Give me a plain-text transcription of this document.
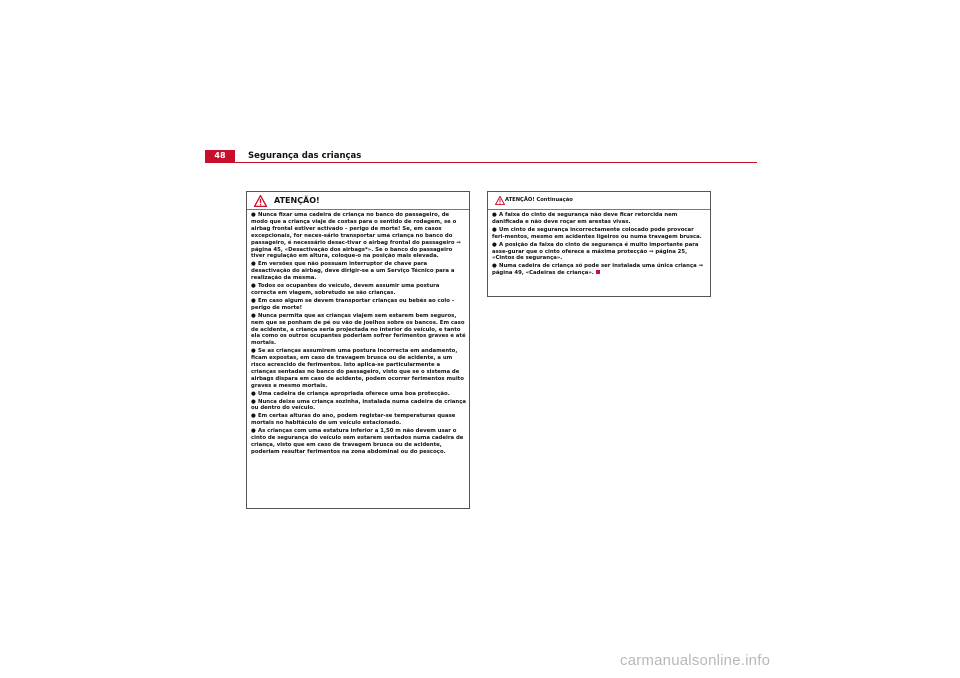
48	Segurança das crianças
ATENÇÃO!

● Nunca fixar uma cadeira de criança no banco do passageiro, de modo que a criança viaje de costas para o sentido de rodagem, se o airbag frontal estiver activado – perigo de morte! Se, em casos excepcionais, for neces-sário transportar uma criança no banco do passageiro, é necessário desac-tivar o airbag frontal do passageiro ⇒ página 45, «Desactivação dos airbags*». Se o banco do passageiro tiver regulação em altura, coloque-o na posição mais elevada.

● Em versões que não possuam interruptor de chave para desactivação do airbag, deve dirigir-se a um Serviço Técnico para a realização da mesma.

● Todos os ocupantes do veículo, devem assumir uma postura correcta em viagem, sobretudo se são crianças.

● Em caso algum se devem transportar crianças ou bebés ao colo – perigo de morte!

● Nunca permita que as crianças viajem sem estarem bem seguros, nem que se ponham de pé ou vão de joelhos sobre os bancos. Em caso de acidente, a criança seria projectada no interior do veículo, e tanto ela como os outros ocupantes poderiam sofrer ferimentos graves e até mortais.

● Se as crianças assumirem uma postura incorrecta em andamento, ficam expostas, em caso de travagem brusca ou de acidente, a um risco acrescido de ferimentos. Isto aplica-se particularmente a crianças sentadas no banco do passageiro, visto que se o sistema de airbags dispara em caso de acidente, podem ocorrer ferimentos muito graves e mesmo mortais.

● Uma cadeira de criança apropriada oferece uma boa protecção.

● Nunca deixe uma criança sozinha, instalada numa cadeira de criança ou dentro do veículo.

● Em certas alturas do ano, podem registar-se temperaturas quase mortais no habitáculo de um veículo estacionado.

● As crianças com uma estatura inferior a 1,50 m não devem usar o cinto de segurança do veículo sem estarem sentados numa cadeira de criança, visto que em caso de travagem brusca ou de acidente, poderiam resultar ferimentos na zona abdominal ou do pescoço.

ATENÇÃO! Continuação

● A faixa do cinto de segurança não deve ficar retorcida nem danificada e não deve roçar em arestas vivas.

● Um cinto de segurança incorrectamente colocado pode provocar feri-mentos, mesmo em acidentes ligeiros ou numa travagem brusca.

● A posição da faixa do cinto de segurança é muito importante para asse-gurar que o cinto oferece a máxima protecção ⇒ página 25, «Cintos de segurança».

● Numa cadeira de criança só pode ser instalada uma única criança ⇒ página 49, «Cadeiras de criança».

carmanualsonline.info
